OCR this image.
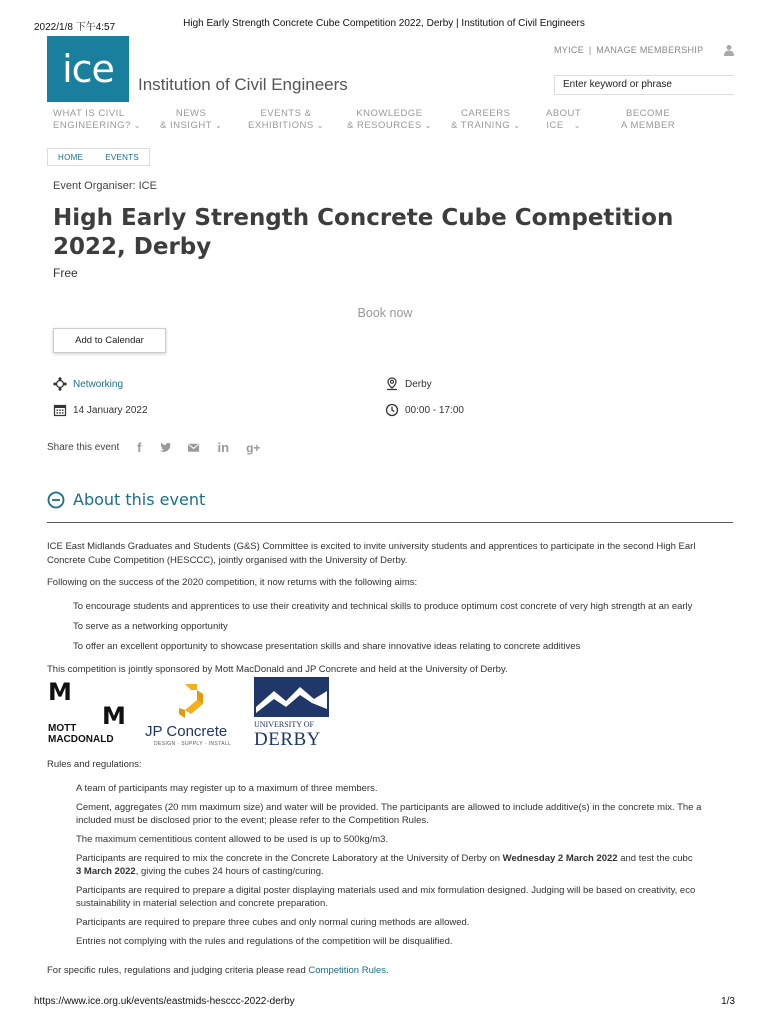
2022/1/8 下午4:57	High Early Strength Concrete Cube Competition 2022, Derby | Institution of Civil Engineers
ice	Institution of Civil Engineers
MYICE | MANAGE MEMBERSHIP
Enter keyword or phrase
WHAT IS CIVIL
ENGINEERING? ⌄
NEWS
& INSIGHT ⌄
EVENTS &
EXHIBITIONS ⌄
KNOWLEDGE
& RESOURCES ⌄
CAREERS
& TRAINING ⌄
ABOUT
ICE ⌄
BECOME
A MEMBER
HOME	EVENTS
Event Organiser: ICE
High Early Strength Concrete Cube Competition 2022, Derby
Free
Book now
Add to Calendar
Networking	Derby
14 January 2022	00:00 - 17:00
Share this event f	in g+
About this event
ICE East Midlands Graduates and Students (G&S) Committee is excited to invite university students and apprentices to participate in the second High Earl
Concrete Cube Competition (HESCCC), jointly organised with the University of Derby.
Following on the success of the 2020 competition, it now returns with the following aims:
• To encourage students and apprentices to use their creativity and technical skills to produce optimum cost concrete of very high strength at an early
• To serve as a networking opportunity
• To offer an excellent opportunity to showcase presentation skills and share innovative ideas relating to concrete additives
This competition is jointly sponsored by Mott MacDonald and JP Concrete and held at the University of Derby.
M
M
MOTT
MACDONALD JP Concrete
DESIGN · SUPPLY · INSTALL
UNIVERSITY OF
DERBY
Rules and regulations:
1. A team of participants may register up to a maximum of three members.
2. Cement, aggregates (20 mm maximum size) and water will be provided. The participants are allowed to include additive(s) in the concrete mix. The a
included must be disclosed prior to the event; please refer to the Competition Rules.
3. The maximum cementitious content allowed to be used is up to 500kg/m3.
4. Participants are required to mix the concrete in the Concrete Laboratory at the University of Derby on Wednesday 2 March 2022 and test the cubc
3 March 2022, giving the cubes 24 hours of casting/curing.
5. Participants are required to prepare a digital poster displaying materials used and mix formulation designed. Judging will be based on creativity, eco
sustainability in material selection and concrete preparation.
6. Participants are required to prepare three cubes and only normal curing methods are allowed.
7. Entries not complying with the rules and regulations of the competition will be disqualified.
For specific rules, regulations and judging criteria please read Competition Rules.
https://www.ice.org.uk/events/eastmids-hesccc-2022-derby	1/3
